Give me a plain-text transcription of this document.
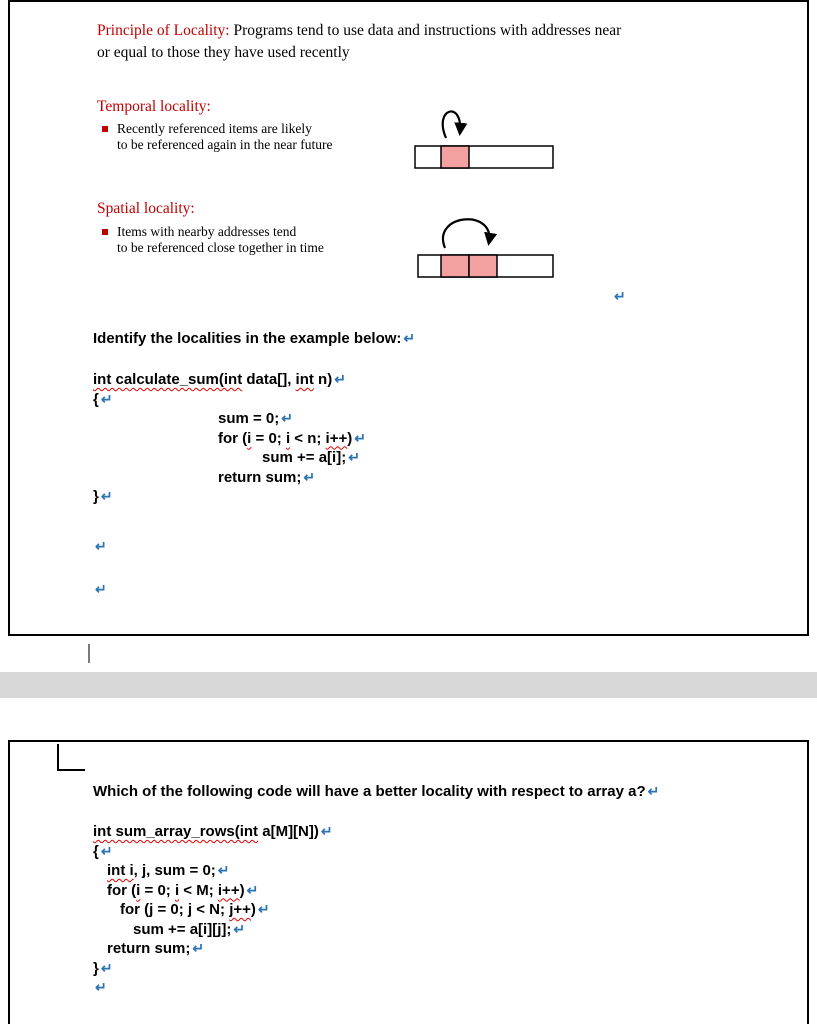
Principle of Locality: Programs tend to use data and instructions with addresses near or equal to those they have used recently

Temporal locality:
Recently referenced items are likely
to be referenced again in the near future
Spatial locality:
Items with nearby addresses tend
to be referenced close together in time
↵
Identify the localities in the example below: ↵
int calculate_sum(int data[], int n) ↵
{ ↵
sum = 0; ↵
for (i = 0; i < n; i++) ↵
sum += a[i]; ↵
return sum; ↵
} ↵
↵
↵
Which of the following code will have a better locality with respect to array a? ↵
int sum_array_rows(int a[M][N]) ↵
{ ↵
int i, j, sum = 0; ↵
for (i = 0; i < M; i++) ↵
for (j = 0; j < N; j++) ↵
sum += a[i][j]; ↵
return sum; ↵
} ↵
↵
